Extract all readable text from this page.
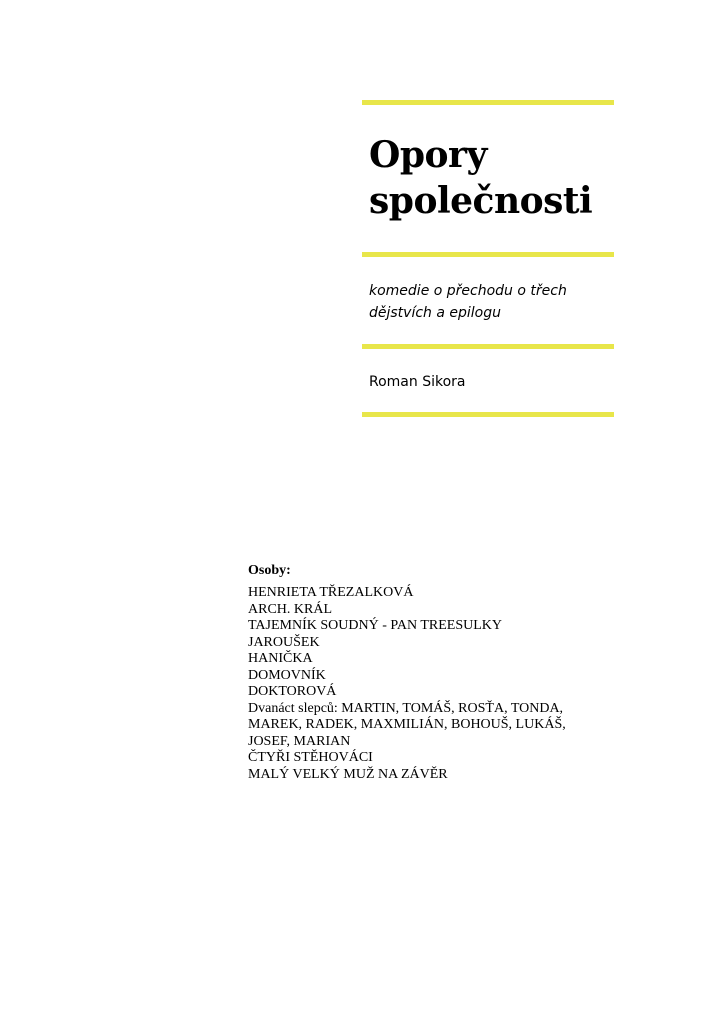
Opory
společnosti

komedie o přechodu o třech
dějstvích a epilogu

Roman Sikora

Osoby:

HENRIETA TŘEZALKOVÁ
ARCH. KRÁL
TAJEMNÍK SOUDNÝ - PAN TREESULKY
JAROUŠEK
HANIČKA
DOMOVNÍK
DOKTOROVÁ
Dvanáct slepců: MARTIN, TOMÁŠ, ROSŤA, TONDA,
MAREK, RADEK, MAXMILIÁN, BOHOUŠ, LUKÁŠ,
JOSEF, MARIAN
ČTYŘI STĚHOVÁCI
MALÝ VELKÝ MUŽ NA ZÁVĚR
